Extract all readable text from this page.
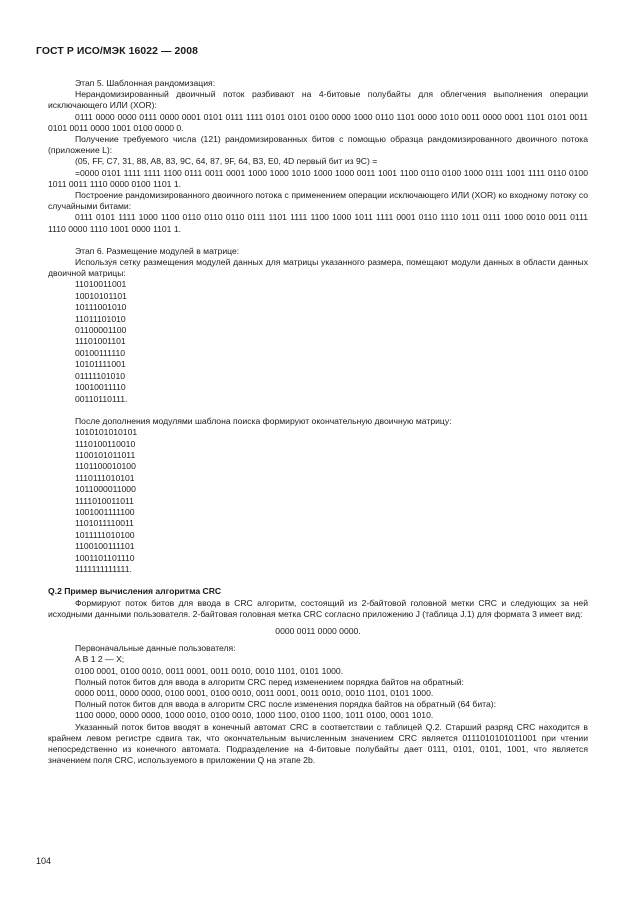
ГОСТ Р ИСО/МЭК 16022 — 2008

Этап 5. Шаблонная рандомизация:

Нерандомизированный двоичный поток разбивают на 4-битовые полубайты для облегчения выполнения операции исключающего ИЛИ (XOR):

0111 0000 0000 0111 0000 0001 0101 0111 1111 0101 0101 0100 0000 1000 0110 1101 0000 1010 0011 0000 0001 1101 0101 0011 0101 0011 0000 1001 0100 0000 0.

Получение требуемого числа (121) рандомизированных битов с помощью образца рандомизированного двоичного потока (приложение L):

(05, FF, C7, 31, 88, A8, 83, 9C, 64, 87, 9F, 64, B3, E0, 4D первый бит из 9C) =

=0000 0101 1111 1111 1100 0111 0011 0001 1000 1000 1010 1000 1000 0011 1001 1100 0110 0100 1000 0111 1001 1111 0110 0100 1011 0011 1110 0000 0100 1101 1.

Построение рандомизированного двоичного потока с применением операции исключающего ИЛИ (XOR) ко входному потоку со случайными битами:

0111 0101 1111 1000 1100 0110 0110 0110 0111 1101 1111 1100 1000 1011 1111 0001 0110 1110 1011 0111 1000 0010 0011 0111 1110 0000 1110 1001 0000 1101 1.

Этап 6. Размещение модулей в матрице:

Используя сетку размещения модулей данных для матрицы указанного размера, помещают модули данных в области данных двоичной матрицы:

11010011001
10010101101
10111001010
11011101010
01100001100
11101001101
00100111110
10101111001
01111101010
10010011110
00110110111.

После дополнения модулями шаблона поиска формируют окончательную двоичную матрицу:

1010101010101
1110100110010
1100101011011
1101100010100
1110111010101
1011000011000
1111010011011
1001001111100
1101011110011
1011111010100
1100100111101
1001101101110
1111111111111.

Q.2 Пример вычисления алгоритма CRC

Формируют поток битов для ввода в CRC алгоритм, состоящий из 2-байтовой головной метки CRC и следующих за ней исходными данными пользователя. 2-байтовая головная метка CRC согласно приложению J (таблица J.1) для формата 3 имеет вид:

0000 0011 0000 0000.

Первоначальные данные пользователя:

A B 1 2 — X;

0100 0001, 0100 0010, 0011 0001, 0011 0010, 0010 1101, 0101 1000.

Полный поток битов для ввода в алгоритм CRC перед изменением порядка байтов на обратный:

0000 0011, 0000 0000, 0100 0001, 0100 0010, 0011 0001, 0011 0010, 0010 1101, 0101 1000.

Полный поток битов для ввода в алгоритм CRC после изменения порядка байтов на обратный (64 бита):

1100 0000, 0000 0000, 1000 0010, 0100 0010, 1000 1100, 0100 1100, 1011 0100, 0001 1010.

Указанный поток битов вводят в конечный автомат CRC в соответствии с таблицей Q.2. Старший разряд CRC находится в крайнем левом регистре сдвига так, что окончательным вычисленным значением CRC является 0111010101011001 при чтении непосредственно из конечного автомата. Подразделение на 4-битовые полубайты дает 0111, 0101, 0101, 1001, что является значением поля CRC, используемого в приложении Q на этапе 2b.

104
